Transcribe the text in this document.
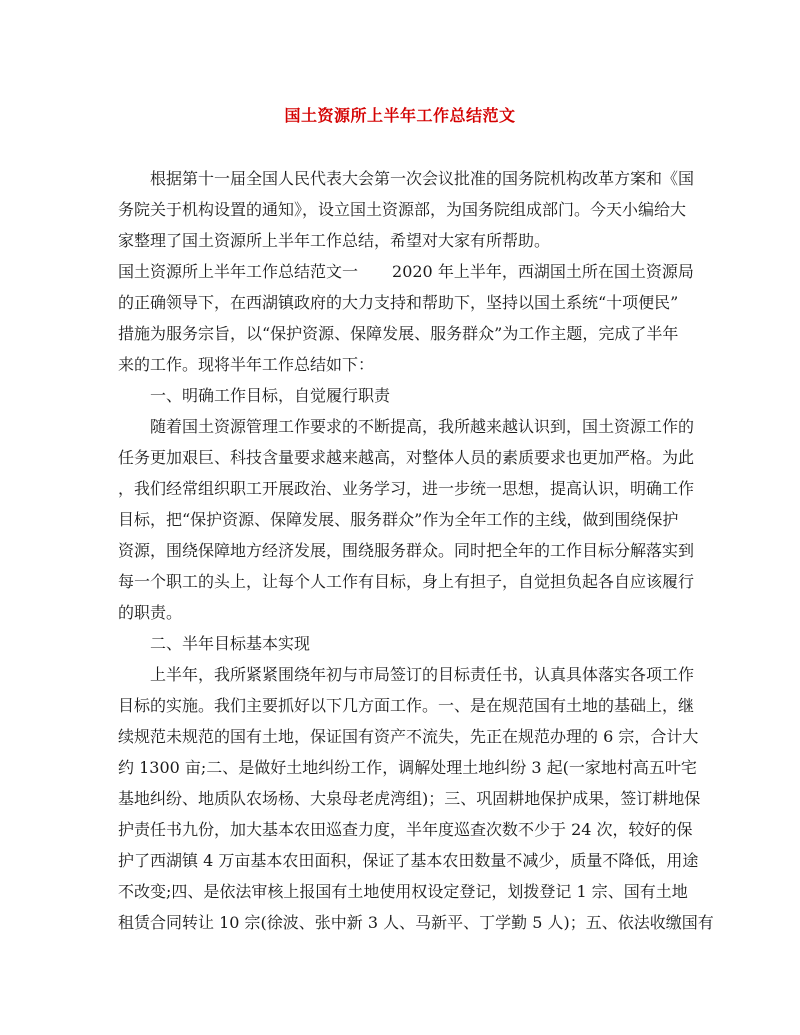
国土资源所上半年工作总结范文
根据第十一届全国人民代表大会第一次会议批准的国务院机构改革方案和《国
务院关于机构设置的通知》，设立国土资源部，为国务院组成部门。今天小编给大
家整理了国土资源所上半年工作总结，希望对大家有所帮助。
国土资源所上半年工作总结范文一 2020 年上半年，西湖国土所在国土资源局
的正确领导下，在西湖镇政府的大力支持和帮助下，坚持以国土系统“十项便民”
措施为服务宗旨，以“保护资源、保障发展、服务群众”为工作主题，完成了半年
来的工作。现将半年工作总结如下：
一、明确工作目标，自觉履行职责
随着国土资源管理工作要求的不断提高，我所越来越认识到，国土资源工作的
任务更加艰巨、科技含量要求越来越高，对整体人员的素质要求也更加严格。为此
，我们经常组织职工开展政治、业务学习，进一步统一思想，提高认识，明确工作
目标，把“保护资源、保障发展、服务群众”作为全年工作的主线，做到围绕保护
资源，围绕保障地方经济发展，围绕服务群众。同时把全年的工作目标分解落实到
每一个职工的头上，让每个人工作有目标，身上有担子，自觉担负起各自应该履行
的职责。
二、半年目标基本实现
上半年，我所紧紧围绕年初与市局签订的目标责任书，认真具体落实各项工作
目标的实施。我们主要抓好以下几方面工作。一、是在规范国有土地的基础上，继
续规范未规范的国有土地，保证国有资产不流失，先正在规范办理的 6 宗，合计大
约 1300 亩;二、是做好土地纠纷工作，调解处理土地纠纷 3 起(一家地村高五叶宅
基地纠纷、地质队农场杨、大泉母老虎湾组)；三、巩固耕地保护成果，签订耕地保
护责任书九份，加大基本农田巡查力度，半年度巡查次数不少于 24 次，较好的保
护了西湖镇 4 万亩基本农田面积，保证了基本农田数量不减少，质量不降低，用途
不改变;四、是依法审核上报国有土地使用权设定登记，划拨登记 1 宗、国有土地
租赁合同转让 10 宗(徐波、张中新 3 人、马新平、丁学勤 5 人)；五、依法收缴国有
